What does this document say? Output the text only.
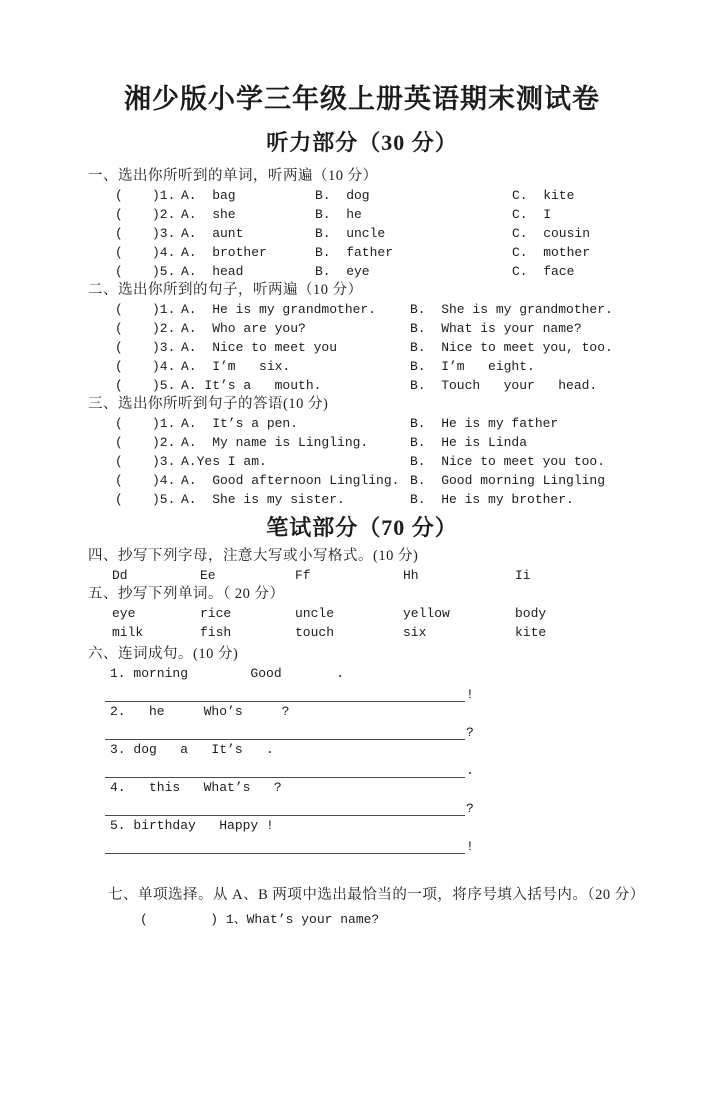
湘少版小学三年级上册英语期末测试卷
听力部分（30 分）
一、选出你所听到的单词，听两遍（10 分）
(	)1. A.  bag	B.  dog	C.  kite
(	)2. A.  she	B.  he	C.  I
(	)3. A.  aunt	B.  uncle	C.  cousin
(	)4. A.  brother	B.  father	C.  mother
(	)5. A.  head	B.  eye	C.  face
二、选出你所到的句子，听两遍（10 分）
(	)1. A.  He is my grandmother.	B.  She is my grandmother.
(	)2. A.  Who are you?	B.  What is your name?
(	)3. A.  Nice to meet you	B.  Nice to meet you, too.
(	)4. A.  I’m   six.	B.  I’m   eight.
(	)5. A. It’s a   mouth.	B.  Touch   your   head.
三、选出你所听到句子的答语(10 分)
(	)1. A.  It’s a pen.	B.  He is my father
(	)2. A.  My name is Lingling.	B.  He is Linda
(	)3. A.Yes I am.	B.  Nice to meet you too.
(	)4. A.  Good afternoon Lingling. B.  Good morning Lingling
(	)5. A.  She is my sister.	B.  He is my brother.
笔试部分（70 分）
四、抄写下列字母，注意大写或小写格式。(10 分)
Dd	Ee	Ff	Hh	Ii
五、抄写下列单词。（ 20 分）
eye	rice	uncle	yellow	body
milk	fish	touch	six	kite
六、连词成句。(10 分)
1. morning        Good       .
!
2.   he     Who’s     ?
?
3. dog   a   It’s   .
.
4.   this   What’s   ?
?
5. birthday   Happy !
!
七、单项选择。从 A、B 两项中选出最恰当的一项，将序号填入括号内。（20 分）
(        ) 1、What’s your name?
